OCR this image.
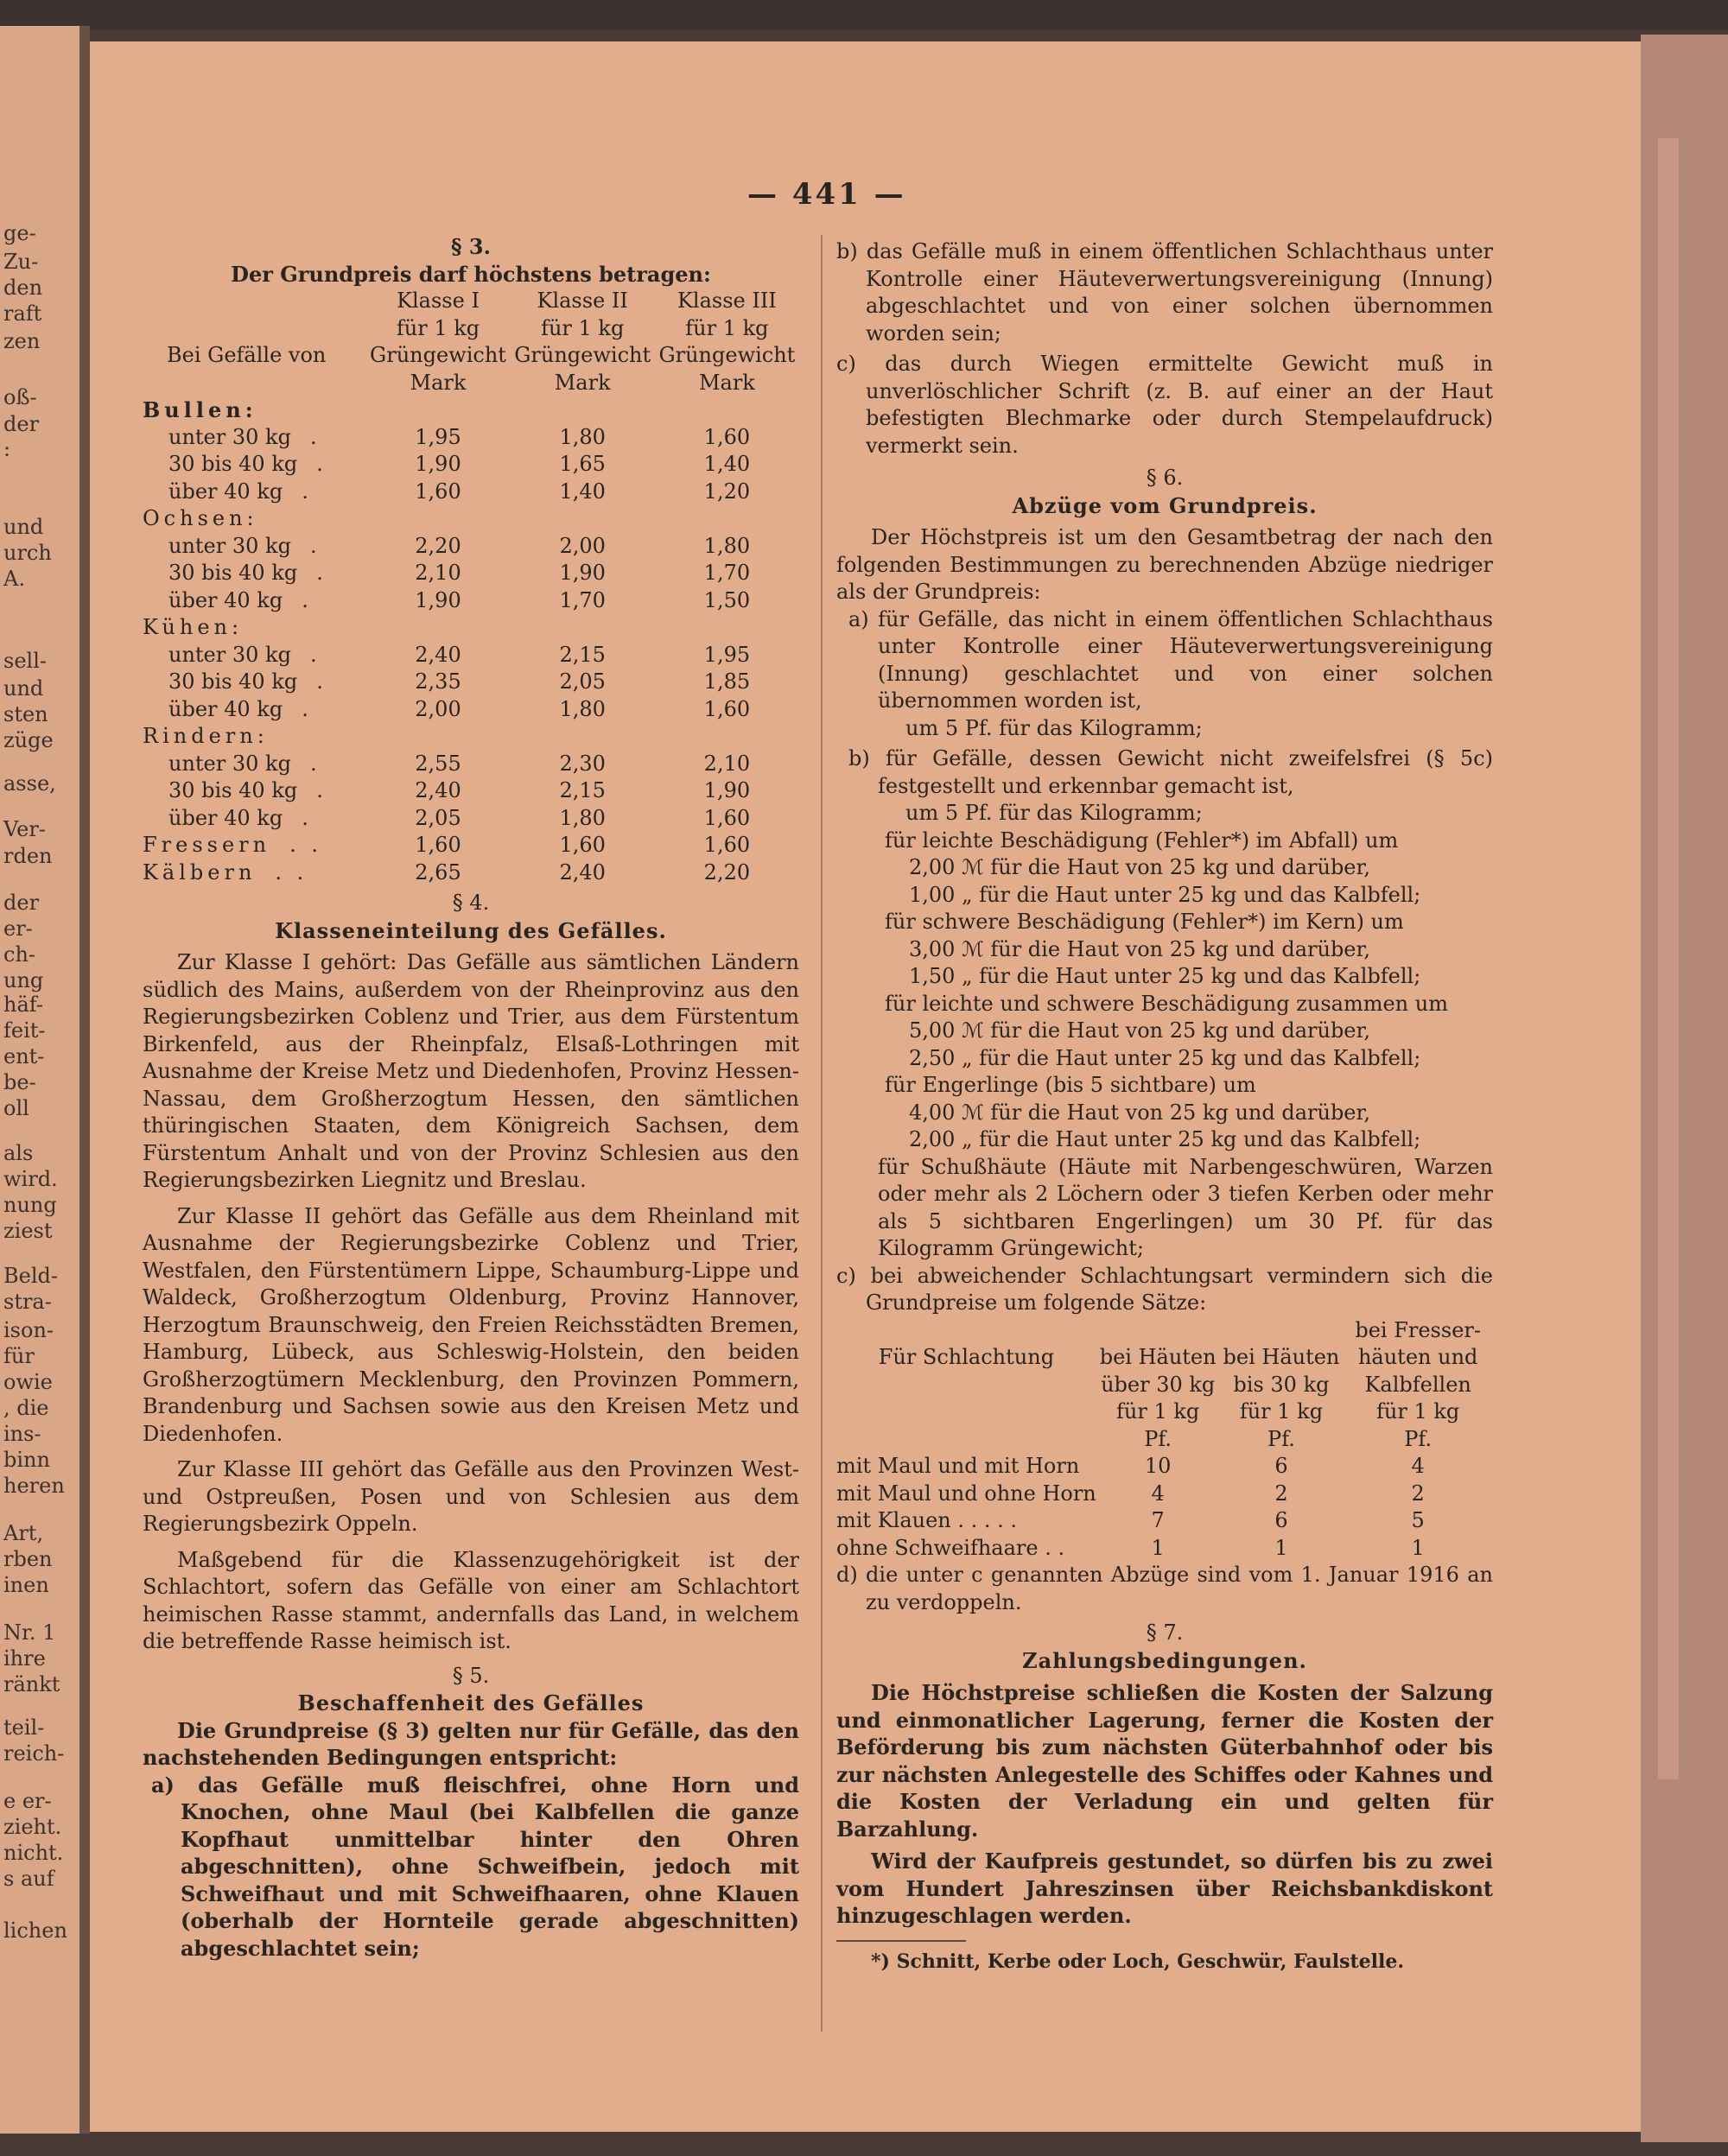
ge-
Zu-
den
raft
zen
oß-
der
:
und
urch
A.
sell-
und
sten
züge
asse,
Ver-
rden
der
er-
ch-
ung
häf-
feit-
ent-
be-
oll
als
wird.
nung
ziest
Beld-
stra-
ison-
für
owie
, die
ins-
binn
heren
Art,
rben
inen
Nr. 1
ihre
ränkt
teil-
reich-
e er-
zieht.
nicht.
s auf
lichen
— 441 —
§ 3.
Der Grundpreis darf höchstens betragen:
	Klasse I	Klasse II	Klasse III
	für 1 kg	für 1 kg	für 1 kg
Bei Gefälle von	Grüngewicht	Grüngewicht	Grüngewicht
	Mark	Mark	Mark
Bullen:			
unter 30 kg .	1,95	1,80	1,60
30 bis 40 kg .	1,90	1,65	1,40
über 40 kg .	1,60	1,40	1,20
Ochsen:			
unter 30 kg .	2,20	2,00	1,80
30 bis 40 kg .	2,10	1,90	1,70
über 40 kg .	1,90	1,70	1,50
Kühen:			
unter 30 kg .	2,40	2,15	1,95
30 bis 40 kg .	2,35	2,05	1,85
über 40 kg .	2,00	1,80	1,60
Rindern:			
unter 30 kg .	2,55	2,30	2,10
30 bis 40 kg .	2,40	2,15	1,90
über 40 kg .	2,05	1,80	1,60
Fressern . .	1,60	1,60	1,60
Kälbern . .	2,65	2,40	2,20
§ 4.
Klasseneinteilung des Gefälles.

Zur Klasse I gehört: Das Gefälle aus sämtlichen Ländern südlich des Mains, außerdem von der Rheinprovinz aus den Regierungsbezirken Coblenz und Trier, aus dem Fürstentum Birkenfeld, aus der Rheinpfalz, Elsaß-Lothringen mit Ausnahme der Kreise Metz und Diedenhofen, Provinz Hessen-Nassau, dem Großherzogtum Hessen, den sämtlichen thüringischen Staaten, dem Königreich Sachsen, dem Fürstentum Anhalt und von der Provinz Schlesien aus den Regierungsbezirken Liegnitz und Breslau.

Zur Klasse II gehört das Gefälle aus dem Rheinland mit Ausnahme der Regierungsbezirke Coblenz und Trier, Westfalen, den Fürstentümern Lippe, Schaumburg-Lippe und Waldeck, Großherzogtum Oldenburg, Provinz Hannover, Herzogtum Braunschweig, den Freien Reichsstädten Bremen, Hamburg, Lübeck, aus Schleswig-Holstein, den beiden Großherzogtümern Mecklenburg, den Provinzen Pommern, Brandenburg und Sachsen sowie aus den Kreisen Metz und Diedenhofen.

Zur Klasse III gehört das Gefälle aus den Provinzen West- und Ostpreußen, Posen und von Schlesien aus dem Regierungsbezirk Oppeln.

Maßgebend für die Klassenzugehörigkeit ist der Schlachtort, sofern das Gefälle von einer am Schlachtort heimischen Rasse stammt, andernfalls das Land, in welchem die betreffende Rasse heimisch ist.

§ 5.
Beschaffenheit des Gefälles

Die Grundpreise (§ 3) gelten nur für Gefälle, das den nachstehenden Bedingungen entspricht:

a) das Gefälle muß fleischfrei, ohne Horn und Knochen, ohne Maul (bei Kalbfellen die ganze Kopfhaut unmittelbar hinter den Ohren abgeschnitten), ohne Schweifbein, jedoch mit Schweifhaut und mit Schweifhaaren, ohne Klauen (oberhalb der Hornteile gerade abgeschnitten) abgeschlachtet sein;

b) das Gefälle muß in einem öffentlichen Schlachthaus unter Kontrolle einer Häuteverwertungsvereinigung (Innung) abgeschlachtet und von einer solchen übernommen worden sein;

c) das durch Wiegen ermittelte Gewicht muß in unverlöschlicher Schrift (z. B. auf einer an der Haut befestigten Blechmarke oder durch Stempelaufdruck) vermerkt sein.

§ 6.
Abzüge vom Grundpreis.

Der Höchstpreis ist um den Gesamtbetrag der nach den folgenden Bestimmungen zu berechnenden Abzüge niedriger als der Grundpreis:

a) für Gefälle, das nicht in einem öffentlichen Schlachthaus unter Kontrolle einer Häuteverwertungsvereinigung (Innung) geschlachtet und von einer solchen übernommen worden ist,

um 5 Pf. für das Kilogramm;

b) für Gefälle, dessen Gewicht nicht zweifelsfrei (§ 5c) festgestellt und erkennbar gemacht ist,

um 5 Pf. für das Kilogramm;
für leichte Beschädigung (Fehler*) im Abfall) um
2,00 ℳ für die Haut von 25 kg und darüber,
1,00 „ für die Haut unter 25 kg und das Kalbfell;
für schwere Beschädigung (Fehler*) im Kern) um
3,00 ℳ für die Haut von 25 kg und darüber,
1,50 „ für die Haut unter 25 kg und das Kalbfell;
für leichte und schwere Beschädigung zusammen um
5,00 ℳ für die Haut von 25 kg und darüber,
2,50 „ für die Haut unter 25 kg und das Kalbfell;
für Engerlinge (bis 5 sichtbare) um
4,00 ℳ für die Haut von 25 kg und darüber,
2,00 „ für die Haut unter 25 kg und das Kalbfell;

für Schußhäute (Häute mit Narbengeschwüren, Warzen oder mehr als 2 Löchern oder 3 tiefen Kerben oder mehr als 5 sichtbaren Engerlingen) um 30 Pf. für das Kilogramm Grüngewicht;

c) bei abweichender Schlachtungsart vermindern sich die Grundpreise um folgende Sätze:

			bei Fresser-
Für Schlachtung	bei Häuten	bei Häuten	häuten und
	über 30 kg	bis 30 kg	Kalbfellen
	für 1 kg	für 1 kg	für 1 kg
	Pf.	Pf.	Pf.
mit Maul und mit Horn	10	6	4
mit Maul und ohne Horn	4	2	2
mit Klauen . . . . .	7	6	5
ohne Schweifhaare . .	1	1	1

d) die unter c genannten Abzüge sind vom 1. Januar 1916 an zu verdoppeln.

§ 7.
Zahlungsbedingungen.

Die Höchstpreise schließen die Kosten der Salzung und einmonatlicher Lagerung, ferner die Kosten der Beförderung bis zum nächsten Güterbahnhof oder bis zur nächsten Anlegestelle des Schiffes oder Kahnes und die Kosten der Verladung ein und gelten für Barzahlung.

Wird der Kaufpreis gestundet, so dürfen bis zu zwei vom Hundert Jahreszinsen über Reichsbankdiskont hinzugeschlagen werden.

*) Schnitt, Kerbe oder Loch, Geschwür, Faulstelle.
